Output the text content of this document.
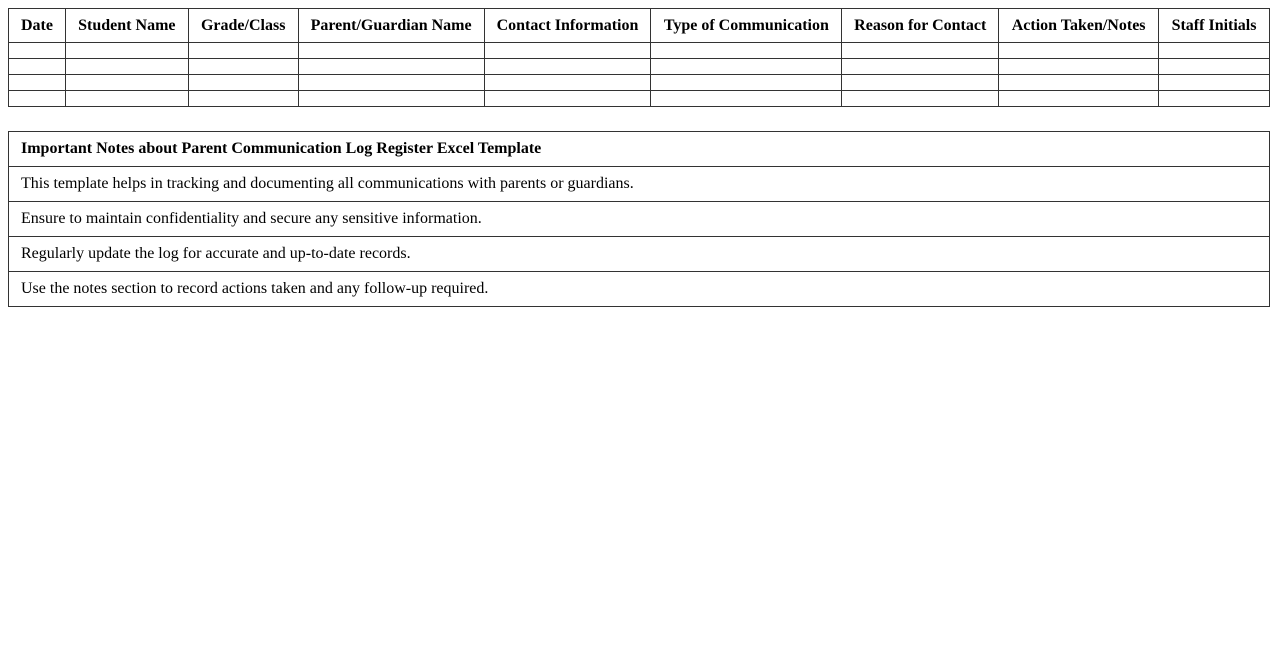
Date	Student Name	Grade/Class	Parent/Guardian Name	Contact Information	Type of Communication	Reason for Contact	Action Taken/Notes	Staff Initials

Important Notes about Parent Communication Log Register Excel Template
This template helps in tracking and documenting all communications with parents or guardians.
Ensure to maintain confidentiality and secure any sensitive information.
Regularly update the log for accurate and up-to-date records.
Use the notes section to record actions taken and any follow-up required.
